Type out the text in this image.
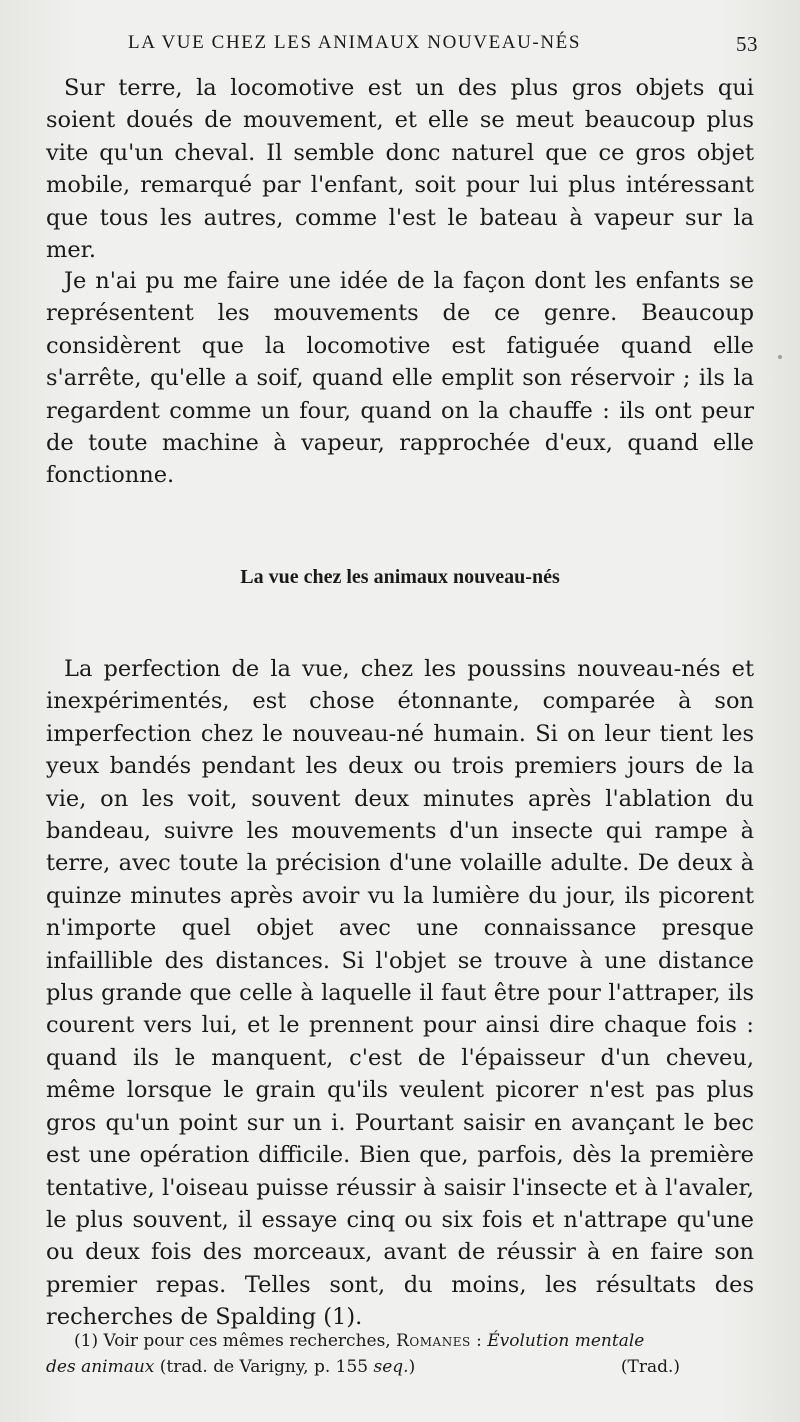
LA VUE CHEZ LES ANIMAUX NOUVEAU-NÉS	53

Sur terre, la locomotive est un des plus gros objets qui soient doués de mouvement, et elle se meut beaucoup plus vite qu'un cheval. Il semble donc naturel que ce gros objet mobile, remarqué par l'enfant, soit pour lui plus intéressant que tous les autres, comme l'est le bateau à vapeur sur la mer.

Je n'ai pu me faire une idée de la façon dont les enfants se représentent les mouvements de ce genre. Beaucoup considèrent que la locomotive est fatiguée quand elle s'arrête, qu'elle a soif, quand elle emplit son réservoir ; ils la regardent comme un four, quand on la chauffe : ils ont peur de toute machine à vapeur, rapprochée d'eux, quand elle fonctionne.

La vue chez les animaux nouveau-nés

La perfection de la vue, chez les poussins nouveau-nés et inexpérimentés, est chose étonnante, comparée à son imperfection chez le nouveau-né humain. Si on leur tient les yeux bandés pendant les deux ou trois premiers jours de la vie, on les voit, souvent deux minutes après l'ablation du bandeau, suivre les mouvements d'un insecte qui rampe à terre, avec toute la précision d'une volaille adulte. De deux à quinze minutes après avoir vu la lumière du jour, ils picorent n'importe quel objet avec une connaissance presque infaillible des distances. Si l'objet se trouve à une distance plus grande que celle à laquelle il faut être pour l'attraper, ils courent vers lui, et le prennent pour ainsi dire chaque fois : quand ils le manquent, c'est de l'épaisseur d'un cheveu, même lorsque le grain qu'ils veulent picorer n'est pas plus gros qu'un point sur un i. Pourtant saisir en avançant le bec est une opération difficile. Bien que, parfois, dès la première tentative, l'oiseau puisse réussir à saisir l'insecte et à l'avaler, le plus souvent, il essaye cinq ou six fois et n'attrape qu'une ou deux fois des morceaux, avant de réussir à en faire son premier repas. Telles sont, du moins, les résultats des recherches de Spalding (1).

(1) Voir pour ces mêmes recherches, Romanes : Évolution mentale
des animaux (trad. de Varigny, p. 155 seq.)	(Trad.)
